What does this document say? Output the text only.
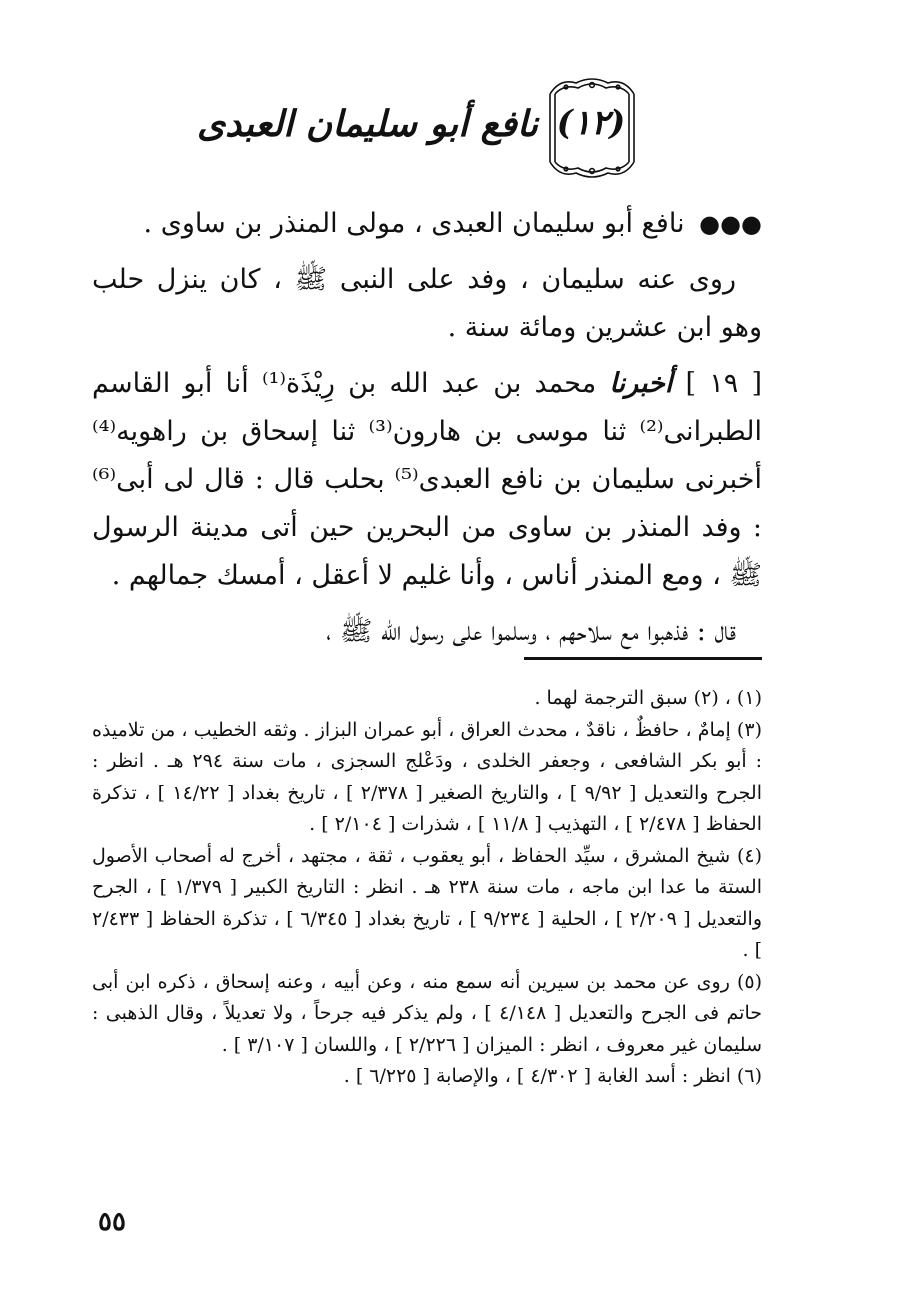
(١٢)
نافع أبو سليمان العبدى

●●● نافع أبو سليمان العبدى ، مولى المنذر بن ساوى .

روى عنه سليمان ، وفد على النبى ﷺ ، كان ينزل حلب وهو ابن عشرين ومائة سنة .

[ ١٩ ] أخبرنا محمد بن عبد الله بن رِيْذَة⁽¹⁾ أنا أبو القاسم الطبرانى⁽²⁾ ثنا موسى بن هارون⁽³⁾ ثنا إسحاق بن راهويه⁽⁴⁾ أخبرنى سليمان بن نافع العبدى⁽⁵⁾ بحلب قال : قال لى أبى⁽⁶⁾ : وفد المنذر بن ساوى من البحرين حين أتى مدينة الرسول ﷺ ، ومع المنذر أناس ، وأنا غليم لا أعقل ، أمسك جمالهم .

قال : فذهبوا مع سلاحهم ، وسلموا على رسول الله ﷺ ،

(١) ، (٢) سبق الترجمة لهما .

(٣) إمامٌ ، حافظٌ ، ناقدٌ ، محدث العراق ، أبو عمران البزاز . وثقه الخطيب ، من تلاميذه : أبو بكر الشافعى ، وجعفر الخلدى ، ودَعْلج السجزى ، مات سنة ٢٩٤ هـ . انظر : الجرح والتعديل [ ٩/٩٢ ] ، والتاريخ الصغير [ ٢/٣٧٨ ] ، تاريخ بغداد [ ١٤/٢٢ ] ، تذكرة الحفاظ [ ٢/٤٧٨ ] ، التهذيب [ ١١/٨ ] ، شذرات [ ٢/١٠٤ ] .

(٤) شيخ المشرق ، سيِّد الحفاظ ، أبو يعقوب ، ثقة ، مجتهد ، أخرج له أصحاب الأصول الستة ما عدا ابن ماجه ، مات سنة ٢٣٨ هـ . انظر : التاريخ الكبير [ ١/٣٧٩ ] ، الجرح والتعديل [ ٢/٢٠٩ ] ، الحلية [ ٩/٢٣٤ ] ، تاريخ بغداد [ ٦/٣٤٥ ] ، تذكرة الحفاظ [ ٢/٤٣٣ ] .

(٥) روى عن محمد بن سيرين أنه سمع منه ، وعن أبيه ، وعنه إسحاق ، ذكره ابن أبى حاتم فى الجرح والتعديل [ ٤/١٤٨ ] ، ولم يذكر فيه جرحاً ، ولا تعديلاً ، وقال الذهبى : سليمان غير معروف ، انظر : الميزان [ ٢/٢٢٦ ] ، واللسان [ ٣/١٠٧ ] .

(٦) انظر : أسد الغابة [ ٤/٣٠٢ ] ، والإصابة [ ٦/٢٢٥ ] .

٥٥
